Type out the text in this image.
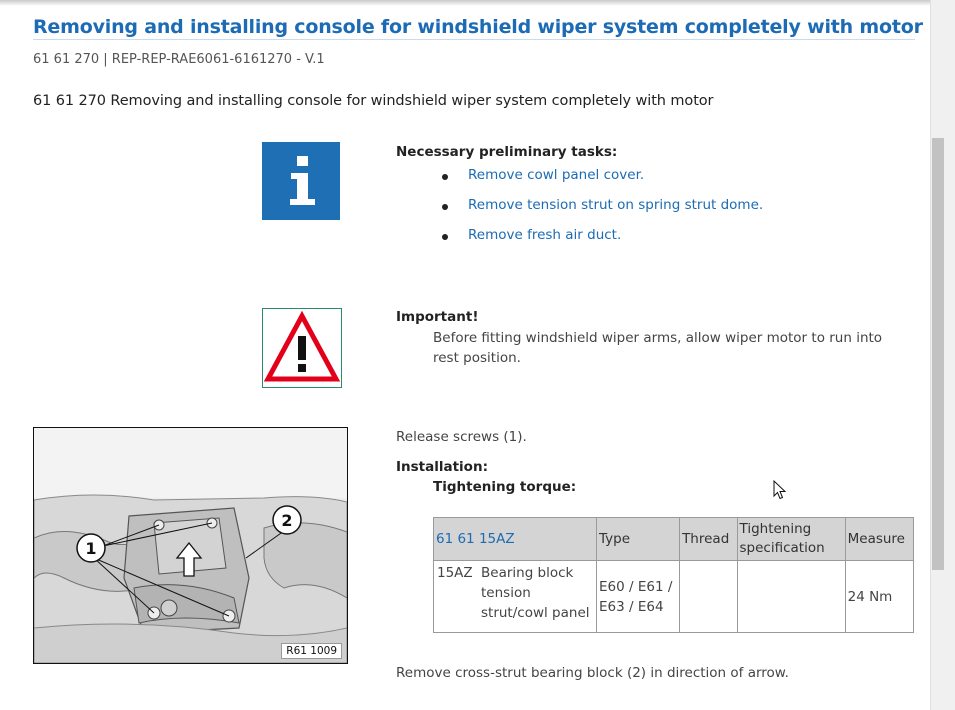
Removing and installing console for windshield wiper system completely with motor
61 61 270 | REP-REP-RAE6061-6161270 - V.1
61 61 270 Removing and installing console for windshield wiper system completely with motor
Necessary preliminary tasks:
Remove cowl panel cover.
Remove tension strut on spring strut dome.
Remove fresh air duct.
Important!
Before fitting windshield wiper arms, allow wiper motor to run into rest position.
1
2
R61 1009
Release screws (1).
Installation:
Tightening torque:
61 61 15AZ	Type	Thread	Tightening specification	Measure

15AZ Bearing block tension strut/cowl panel	E60 / E61 / E63 / E64			24 Nm
Remove cross-strut bearing block (2) in direction of arrow.
